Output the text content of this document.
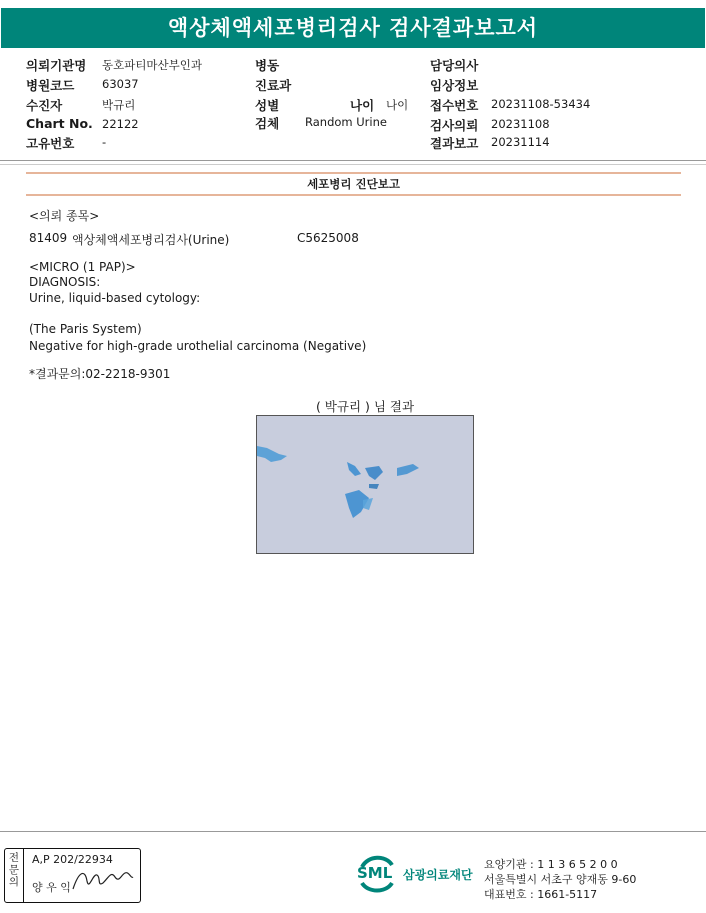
액상체액세포병리검사 검사결과보고서
의뢰기관명 동호파티마산부인과
병원코드 63037
수진자	박규리
Chart No. 22122
고유번호 -
병동
진료과
성별	나이 나이
검체 Random Urine
담당의사
임상정보
접수번호 20231108-53434
검사의뢰 20231108
결과보고 20231114
세포병리 진단보고
<의뢰 종목>
81409 액상체액세포병리검사(Urine)	C5625008
<MICRO (1 PAP)>
DIAGNOSIS:
Urine, liquid-based cytology:
(The Paris System)
Negative for high-grade urothelial carcinoma (Negative)
*결과문의:02-2218-9301
( 박규리 ) 님 결과
전문의
A,P 202/22934
양 우 익
SML 삼광의료재단
요양기관 : 1 1 3 6 5 2 0 0
서울특별시 서초구 양재동 9-60
대표번호 : 1661-5117
